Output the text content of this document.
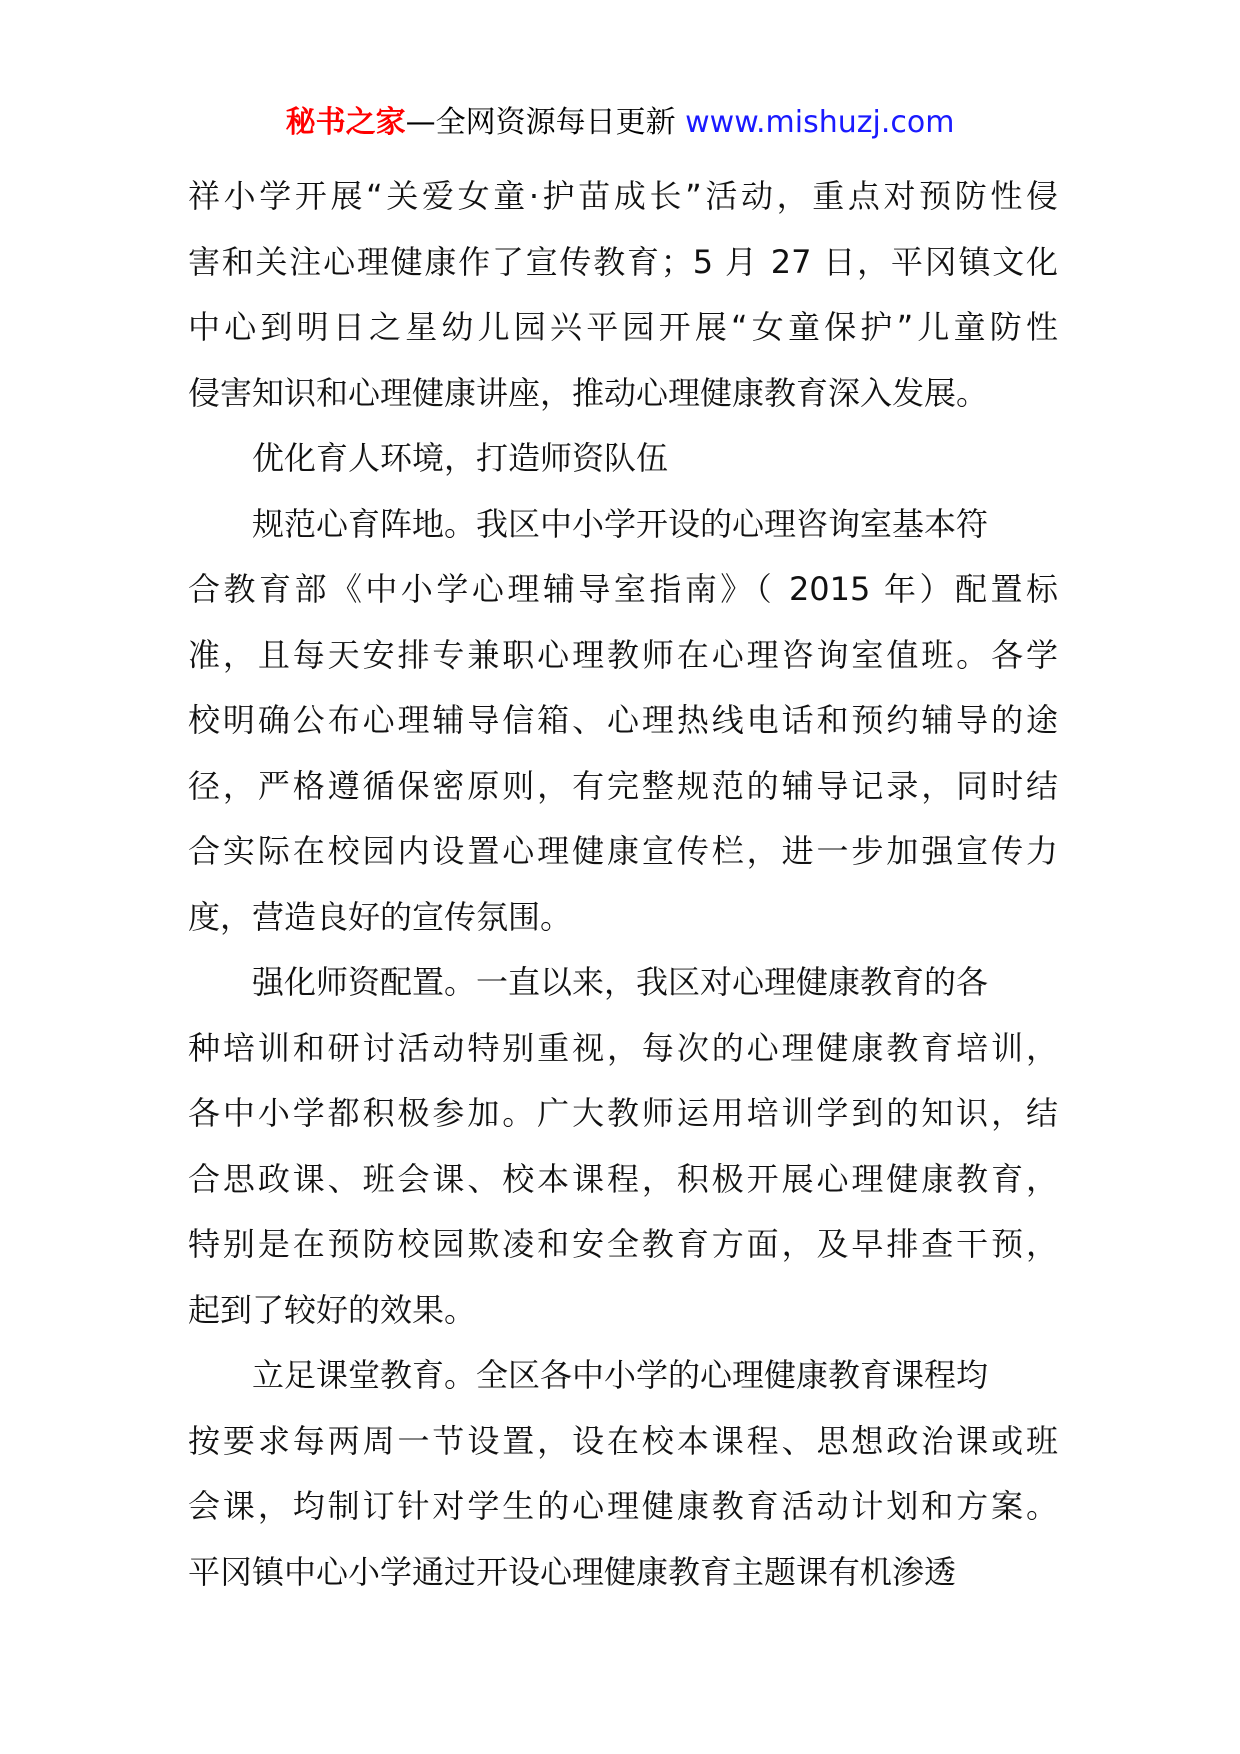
秘书之家—全网资源每日更新 www.mishuzj.com
祥小学开展“关爱女童·护苗成长”活动，重点对预防性侵
害和关注心理健康作了宣传教育；5 月 27 日，平冈镇文化
中心到明日之星幼儿园兴平园开展“女童保护”儿童防性
侵害知识和心理健康讲座，推动心理健康教育深入发展。
优化育人环境，打造师资队伍
规范心育阵地。我区中小学开设的心理咨询室基本符
合教育部《中小学心理辅导室指南》（ 2015 年）配置标
准，且每天安排专兼职心理教师在心理咨询室值班。各学
校明确公布心理辅导信箱、心理热线电话和预约辅导的途
径，严格遵循保密原则，有完整规范的辅导记录，同时结
合实际在校园内设置心理健康宣传栏，进一步加强宣传力
度，营造良好的宣传氛围。
强化师资配置。一直以来，我区对心理健康教育的各
种培训和研讨活动特别重视，每次的心理健康教育培训，
各中小学都积极参加。广大教师运用培训学到的知识，结
合思政课、班会课、校本课程，积极开展心理健康教育，
特别是在预防校园欺凌和安全教育方面，及早排查干预，
起到了较好的效果。
立足课堂教育。全区各中小学的心理健康教育课程均
按要求每两周一节设置，设在校本课程、思想政治课或班
会课，均制订针对学生的心理健康教育活动计划和方案。
平冈镇中心小学通过开设心理健康教育主题课有机渗透
